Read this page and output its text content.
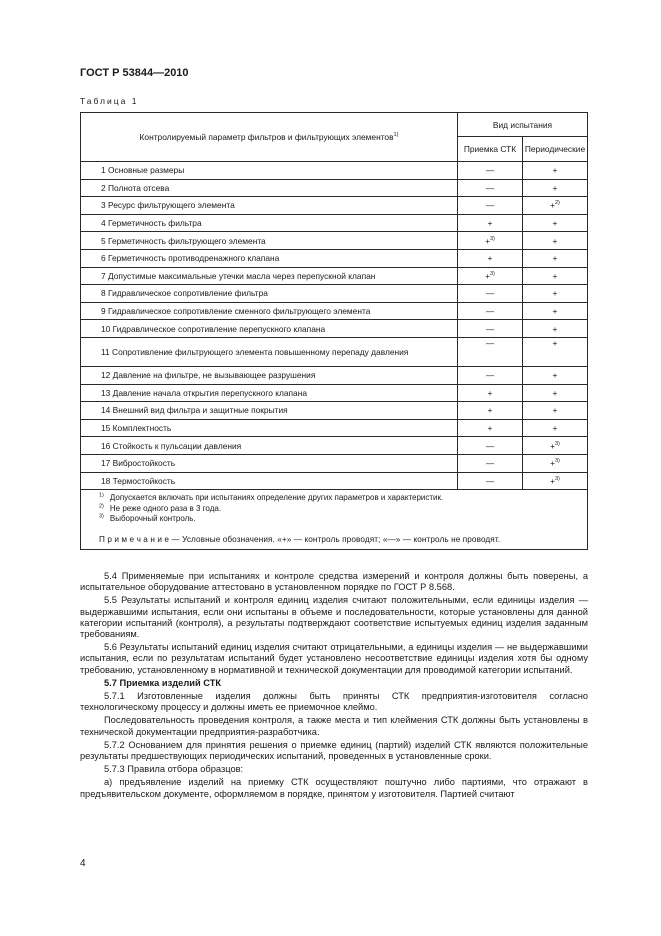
ГОСТ Р 53844—2010
Таблица 1
Контролируемый параметр фильтров и фильтрующих элементов$^{1)}$	Вид испытания	
	Приемка СТК	Периодические
1 Основные размеры	—	+
2 Полнота отсева	—	+
3 Ресурс фильтрующего элемента	—	+$^{2)}$
4 Герметичность фильтра	+	+
5 Герметичность фильтрующего элемента	+$^{3)}$	+
6 Герметичность противодренажного клапана	+	+
7 Допустимые максимальные утечки масла через перепускной клапан	+$^{3)}$	+
8 Гидравлическое сопротивление фильтра	—	+
9 Гидравлическое сопротивление сменного фильтрующего элемента	—	+
10 Гидравлическое сопротивление перепускного клапана	—	+
11 Сопротивление фильтрующего элемента повышенному перепаду давления	—	+
12 Давление на фильтре, не вызывающее разрушения	—	+
13 Давление начала открытия перепускного клапана	+	+
14 Внешний вид фильтра и защитные покрытия	+	+
15 Комплектность	+	+
16 Стойкость к пульсации давления	—	+$^{3)}$
17 Вибростойкость	—	+$^{3)}$
18 Термостойкость	—	+$^{3)}$

$^{1)}$ Допускается включать при испытаниях определение других параметров и характеристик.
$^{2)}$ Не реже одного раза в 3 года.
$^{3)}$ Выборочный контроль.
П р и м е ч а н и е — Условные обозначения. «+» — контроль проводят; «—» — контроль не проводят.		

5.4 Применяемые при испытаниях и контроле средства измерений и контроля должны быть поверены, а испытательное оборудование аттестовано в установленном порядке по ГОСТ Р 8.568.

5.5 Результаты испытаний и контроля единиц изделия считают положительными, если единицы изделия — выдержавшими испытания, если они испытаны в объеме и последовательности, которые установлены для данной категории испытаний (контроля), а результаты подтверждают соответствие испытуемых единиц изделия заданным требованиям.

5.6 Результаты испытаний единиц изделия считают отрицательными, а единицы изделия — не выдержавшими испытания, если по результатам испытаний будет установлено несоответствие единицы изделия хотя бы одному требованию, установленному в нормативной и технической документации для проводимой категории испытаний.

5.7 Приемка изделий СТК

5.7.1 Изготовленные изделия должны быть приняты СТК предприятия-изготовителя согласно технологическому процессу и должны иметь ее приемочное клеймо.

Последовательность проведения контроля, а также места и тип клеймения СТК должны быть установлены в технической документации предприятия-разработчика.

5.7.2 Основанием для принятия решения о приемке единиц (партий) изделий СТК являются положительные результаты предшествующих периодических испытаний, проведенных в установленные сроки.

5.7.3 Правила отбора образцов:

а) предъявление изделий на приемку СТК осуществляют поштучно либо партиями, что отражают в предъявительском документе, оформляемом в порядке, принятом у изготовителя. Партией считают

4
